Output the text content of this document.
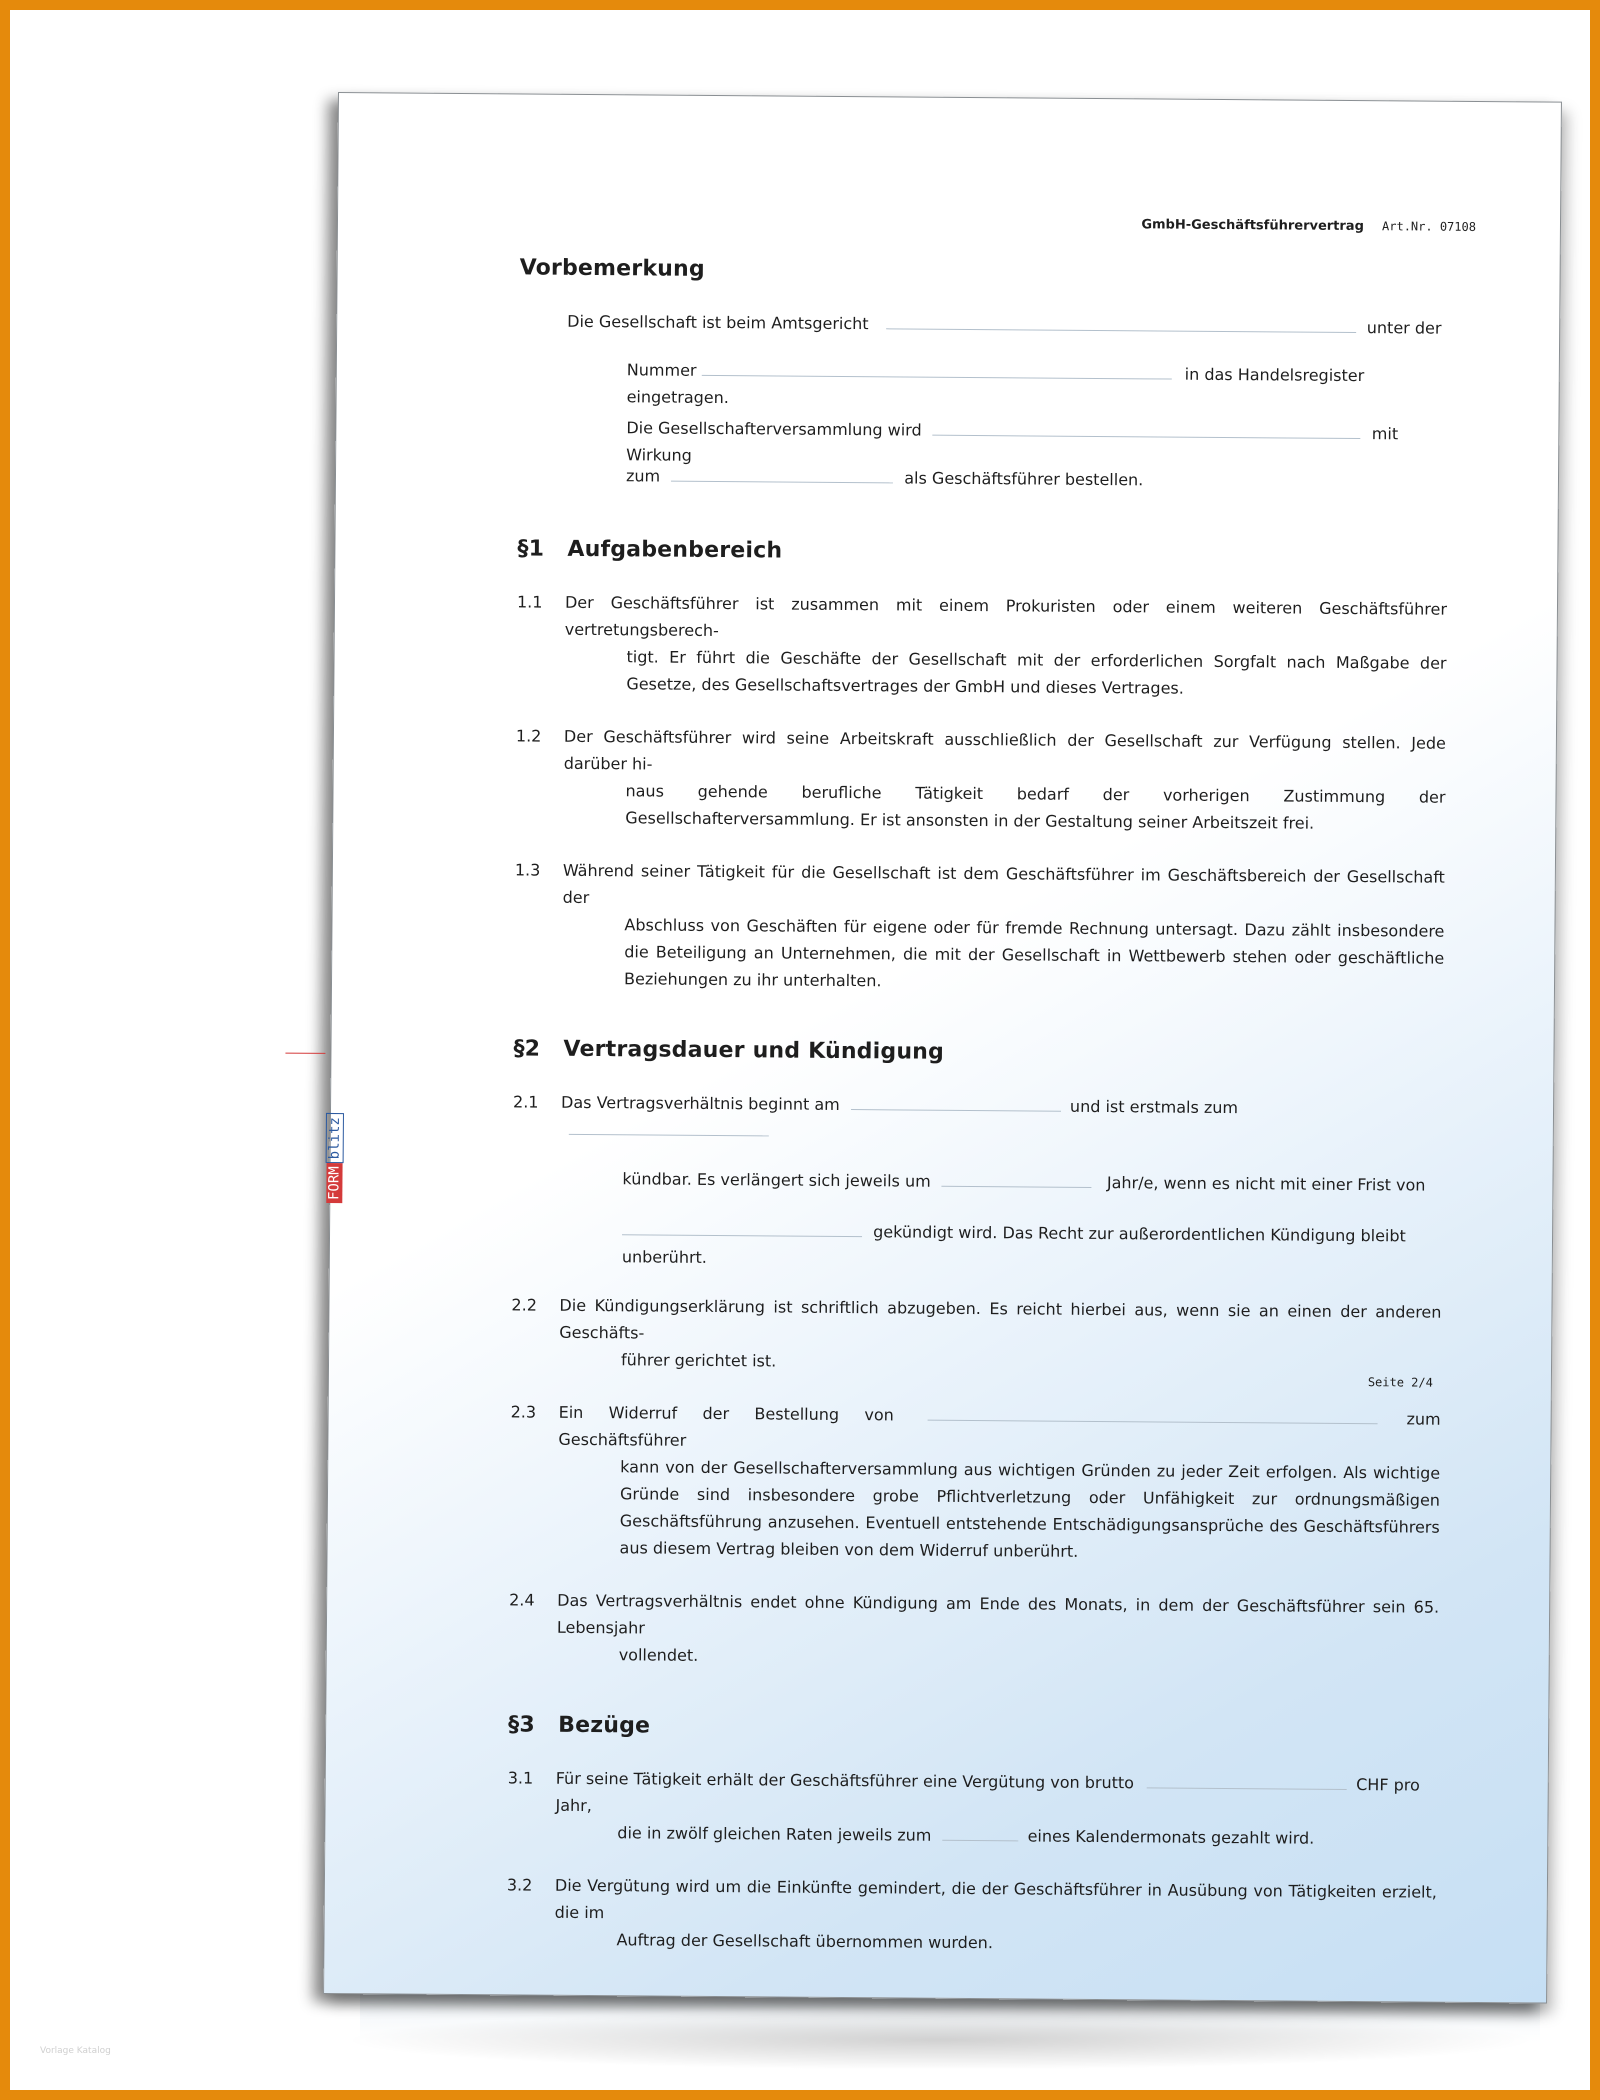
GmbH-Geschäftsführervertrag Art.Nr. 07108
FORMblitz
Vorbemerkung
Die Gesellschaft ist beim Amtsgericht	unter der
Nummer	in das Handelsregister eingetragen.
Die Gesellschafterversammlung wird	mit Wirkung
zum	als Geschäftsführer bestellen.
§1 Aufgabenbereich
1.1	Der Geschäftsführer ist zusammen mit einem Prokuristen oder einem weiteren Geschäftsführer vertretungsberech-
tigt. Er führt die Geschäfte der Gesellschaft mit der erforderlichen Sorgfalt nach Maßgabe der Gesetze, des Gesellschaftsvertrages der GmbH und dieses Vertrages.
1.2	Der Geschäftsführer wird seine Arbeitskraft ausschließlich der Gesellschaft zur Verfügung stellen. Jede darüber hi-
naus gehende berufliche Tätigkeit bedarf der vorherigen Zustimmung der Gesellschafterversammlung. Er ist ansonsten in der Gestaltung seiner Arbeitszeit frei.
1.3	Während seiner Tätigkeit für die Gesellschaft ist dem Geschäftsführer im Geschäftsbereich der Gesellschaft der
Abschluss von Geschäften für eigene oder für fremde Rechnung untersagt. Dazu zählt insbesondere die Beteiligung an Unternehmen, die mit der Gesellschaft in Wettbewerb stehen oder geschäftliche Beziehungen zu ihr unterhalten.
§2 Vertragsdauer und Kündigung
2.1	Das Vertragsverhältnis beginnt am	und ist erstmals zum
kündbar. Es verlängert sich jeweils um	Jahr/e, wenn es nicht mit einer Frist von
gekündigt wird. Das Recht zur außerordentlichen Kündigung bleibt unberührt.
2.2	Die Kündigungserklärung ist schriftlich abzugeben. Es reicht hierbei aus, wenn sie an einen der anderen Geschäfts-
führer gerichtet ist.
2.3	Ein Widerruf der Bestellung von	zum Geschäftsführer
kann von der Gesellschafterversammlung aus wichtigen Gründen zu jeder Zeit erfolgen. Als wichtige Gründe sind insbesondere grobe Pflichtverletzung oder Unfähigkeit zur ordnungsmäßigen Geschäftsführung anzusehen. Eventuell entstehende Entschädigungsansprüche des Geschäftsführers aus diesem Vertrag bleiben von dem Widerruf unberührt.
2.4	Das Vertragsverhältnis endet ohne Kündigung am Ende des Monats, in dem der Geschäftsführer sein 65. Lebensjahr
vollendet.
§3 Bezüge
3.1	Für seine Tätigkeit erhält der Geschäftsführer eine Vergütung von brutto	CHF pro Jahr,
die in zwölf gleichen Raten jeweils zum	eines Kalendermonats gezahlt wird.
3.2	Die Vergütung wird um die Einkünfte gemindert, die der Geschäftsführer in Ausübung von Tätigkeiten erzielt, die im
Auftrag der Gesellschaft übernommen wurden.
Seite 2/4
Vorlage Katalog
